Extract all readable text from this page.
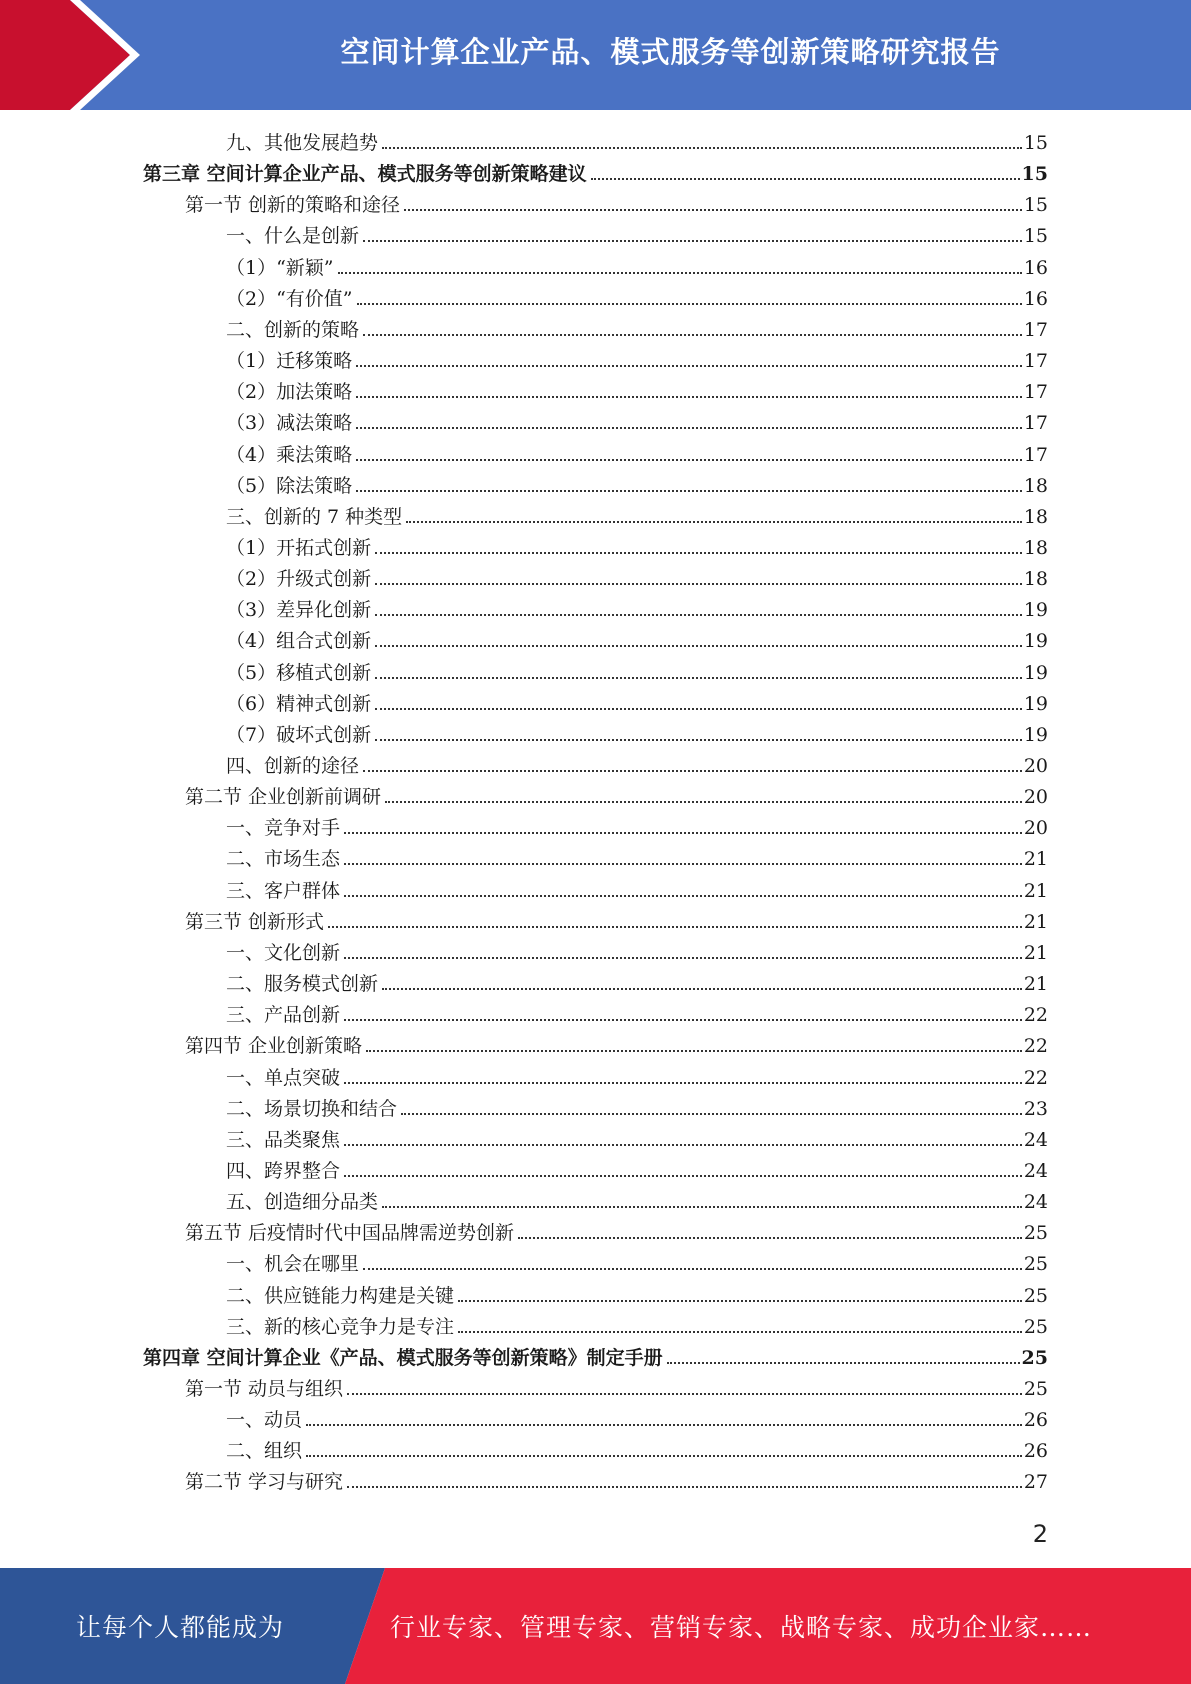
空间计算企业产品、模式服务等创新策略研究报告
九、其他发展趋势	15
第三章 空间计算企业产品、模式服务等创新策略建议	15
第一节 创新的策略和途径	15
一、什么是创新	15
（1）“新颖”	16
（2）“有价值”	16
二、创新的策略	17
（1）迁移策略	17
（2）加法策略	17
（3）减法策略	17
（4）乘法策略	17
（5）除法策略	18
三、创新的 7 种类型	18
（1）开拓式创新	18
（2）升级式创新	18
（3）差异化创新	19
（4）组合式创新	19
（5）移植式创新	19
（6）精神式创新	19
（7）破坏式创新	19
四、创新的途径	20
第二节 企业创新前调研	20
一、竞争对手	20
二、市场生态	21
三、客户群体	21
第三节 创新形式	21
一、文化创新	21
二、服务模式创新	21
三、产品创新	22
第四节 企业创新策略	22
一、单点突破	22
二、场景切换和结合	23
三、品类聚焦	24
四、跨界整合	24
五、创造细分品类	24
第五节 后疫情时代中国品牌需逆势创新	25
一、机会在哪里	25
二、供应链能力构建是关键	25
三、新的核心竞争力是专注	25
第四章 空间计算企业《产品、模式服务等创新策略》制定手册	25
第一节 动员与组织	25
一、动员	26
二、组织	26
第二节 学习与研究	27
2
让每个人都能成为	行业专家、管理专家、营销专家、战略专家、成功企业家……
